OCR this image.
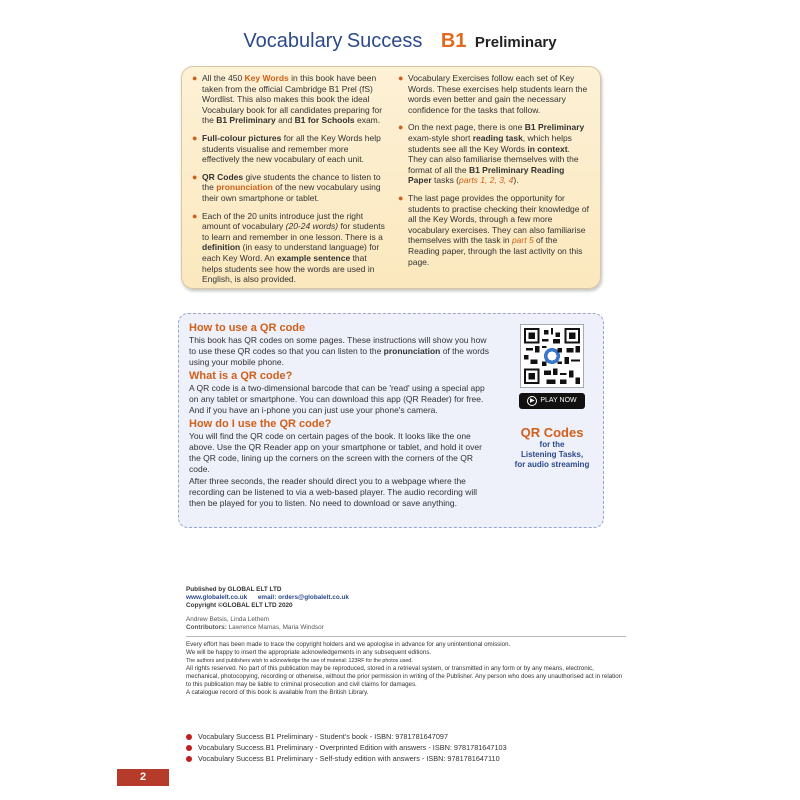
Vocabulary Success B1 Preliminary
● All the 450 Key Words in this book have been taken from the official Cambridge B1 Prel (fS) Wordlist. This also makes this book the ideal Vocabulary book for all candidates preparing for the B1 Preliminary and B1 for Schools exam.
● Full-colour pictures for all the Key Words help students visualise and remember more effectively the new vocabulary of each unit.
● QR Codes give students the chance to listen to the pronunciation of the new vocabulary using their own smartphone or tablet.
● Each of the 20 units introduce just the right amount of vocabulary (20-24 words) for students to learn and remember in one lesson. There is a definition (in easy to understand language) for each Key Word. An example sentence that helps students see how the words are used in English, is also provided.
● Vocabulary Exercises follow each set of Key Words. These exercises help students learn the words even better and gain the necessary confidence for the tasks that follow.
● On the next page, there is one B1 Preliminary exam-style short reading task, which helps students see all the Key Words in context. They can also familiarise themselves with the format of all the B1 Preliminary Reading Paper tasks (parts 1, 2, 3, 4).
● The last page provides the opportunity for students to practise checking their knowledge of all the Key Words, through a few more vocabulary exercises. They can also familiarise themselves with the task in part 5 of the Reading paper, through the last activity on this page.
How to use a QR code
This book has QR codes on some pages. These instructions will show you how to use these QR codes so that you can listen to the pronunciation of the words using your mobile phone.
What is a QR code?
A QR code is a two-dimensional barcode that can be 'read' using a special app on any tablet or smartphone. You can download this app (QR Reader) for free. And if you have an i-phone you can just use your phone's camera.
How do I use the QR code?
You will find the QR code on certain pages of the book. It looks like the one above. Use the QR Reader app on your smartphone or tablet, and hold it over the QR code, lining up the corners on the screen with the corners of the QR code.
After three seconds, the reader should direct you to a webpage where the recording can be listened to via a web-based player. The audio recording will then be played for you to listen. No need to download or save anything.
▶ PLAY NOW
QR Codes
for the
Listening Tasks,
for audio streaming
Published by GLOBAL ELT LTD
www.globalelt.co.uk email: orders@globalelt.co.uk
Copyright ©GLOBAL ELT LTD 2020
Andrew Betsis, Linda Lethem
Contributors: Lawrence Mamas, Maria Windsor
Every effort has been made to trace the copyright holders and we apologise in advance for any unintentional omission.
We will be happy to insert the appropriate acknowledgements in any subsequent editions.
The authors and publishers wish to acknowledge the use of material: 123RF for the photos used.
All rights reserved. No part of this publication may be reproduced, stored in a retrieval system, or transmitted in any form or by any means, electronic, mechanical, photocopying, recording or otherwise, without the prior permission in writing of the Publisher. Any person who does any unauthorised act in relation to this publication may be liable to criminal prosecution and civil claims for damages.
A catalogue record of this book is available from the British Library.
Vocabulary Success B1 Preliminary - Student's book - ISBN: 9781781647097
Vocabulary Success B1 Preliminary - Overprinted Edition with answers - ISBN: 9781781647103
Vocabulary Success B1 Preliminary - Self-study edition with answers - ISBN: 9781781647110
2
